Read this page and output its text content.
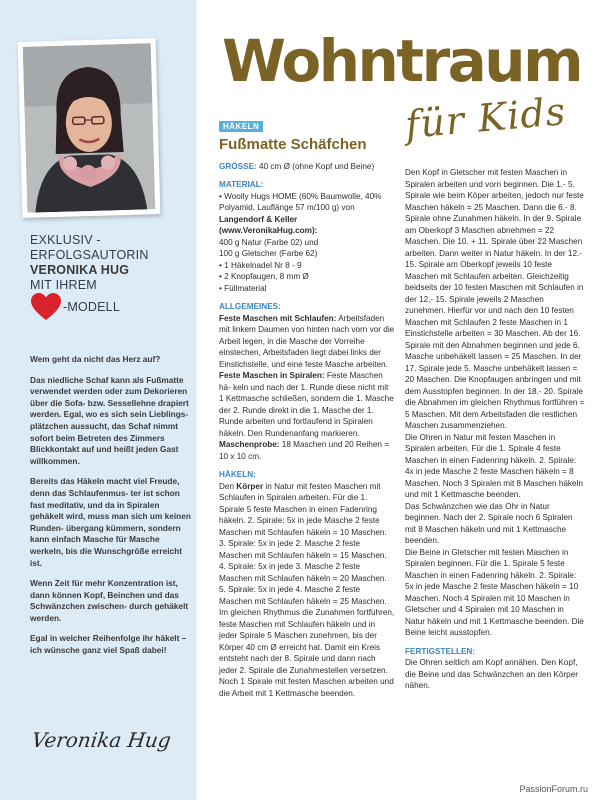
EXKLUSIV -
ERFOLGSAUTORIN
VERONIKA HUG
MIT IHREM
-MODELL

Wem geht da nicht das Herz auf?

Das niedliche Schaf kann als Fußmatte verwendet werden oder zum Dekorieren über die Sofa- bzw. Sessellehne drapiert werden. Egal, wo es sich sein Lieblings- plätzchen aussucht, das Schaf nimmt sofort beim Betreten des Zimmers Blickkontakt auf und heißt jeden Gast willkommen.

Bereits das Häkeln macht viel Freude, denn das Schlaufenmus- ter ist schon fast meditativ, und da in Spiralen gehäkelt wird, muss man sich um keinen Runden- übergang kümmern, sondern kann einfach Masche für Masche werkeln, bis die Wunschgröße erreicht ist.

Wenn Zeit für mehr Konzentration ist, dann können Kopf, Beinchen und das Schwänzchen zwischen- durch gehäkelt werden.

Egal in welcher Reihenfolge ihr häkelt – ich wünsche ganz viel Spaß dabei!

Veronika Hug
Wohntraum
für Kids
HÄKELN
Fußmatte Schäfchen
GRÖSSE: 40 cm Ø (ohne Kopf und Beine)
MATERIAL:
• Woolly Hugs HOME (60% Baumwolle, 40% Polyamid, Lauflänge 57 m/100 g) von
Langendorf & Keller
(www.VeronikaHug.com):
400 g Natur (Farbe 02) und
100 g Gletscher (Farbe 62)
• 1 Häkelnadel Nr 8 - 9
• 2 Knopfaugen, 8 mm Ø
• Füllmaterial
ALLGEMEINES:
Feste Maschen mit Schlaufen: Arbeitsfaden mit linkem Daumen von hinten nach vorn vor die Arbeit legen, in die Masche der Vorreihe einstechen, Arbeitsfaden liegt dabei links der Einstichstelle, und eine feste Masche arbeiten.
Feste Maschen in Spiralen: Feste Maschen hä- keln und nach der 1. Runde diese nicht mit 1 Kettmasche schließen, sondern die 1. Masche der 2. Runde direkt in die 1. Masche der 1. Runde arbeiten und fortlaufend in Spiralen häkeln. Den Rundenanfang markieren.
Maschenprobe: 18 Maschen und 20 Reihen = 10 x 10 cm.
HÄKELN:
Den Körper in Natur mit festen Maschen mit Schlaufen in Spiralen arbeiten. Für die 1. Spirale 5 feste Maschen in einen Fadenring häkeln. 2. Spirale: 5x in jede Masche 2 feste Maschen mit Schlaufen häkeln = 10 Maschen. 3. Spirale: 5x in jede 2. Masche 2 feste Maschen mit Schlaufen häkeln = 15 Maschen. 4. Spirale: 5x in jede 3. Masche 2 feste Maschen mit Schlaufen häkeln = 20 Maschen. 5. Spirale: 5x in jede 4. Masche 2 feste Maschen mit Schlaufen häkeln = 25 Maschen. Im gleichen Rhythmus die Zunahmen fortführen, feste Maschen mit Schlaufen häkeln und in jeder Spirale 5 Maschen zunehmen, bis der Körper 40 cm Ø erreicht hat. Damit ein Kreis entsteht nach der 8. Spirale und dann nach jeder 2. Spirale die Zunahmestellen versetzen. Noch 1 Spirale mit festen Maschen arbeiten und die Arbeit mit 1 Kettmasche beenden.
Den Kopf in Gletscher mit festen Maschen in Spiralen arbeiten und vorn beginnen. Die 1.- 5. Spirale wie beim Köper arbeiten, jedoch nur feste Maschen häkeln = 25 Maschen. Dann die 6.- 8. Spirale ohne Zunahmen häkeln. In der 9. Spirale am Oberkopf 3 Maschen abnehmen = 22 Maschen. Die 10. + 11. Spirale über 22 Maschen arbeiten. Dann weiter in Natur häkeln. In der 12.- 15. Spirale am Oberkopf jeweils 10 feste Maschen mit Schlaufen arbeiten. Gleichzeitig beidseits der 10 festen Maschen mit Schlaufen in der 12.- 15. Spirale jeweils 2 Maschen zunehmen. Hierfür vor und nach den 10 festen Maschen mit Schlaufen 2 feste Maschen in 1 Einstichstelle arbeiten = 30 Maschen. Ab der 16. Spirale mit den Abnahmen beginnen und jede 6. Masche unbehäkelt lassen = 25 Maschen. In der 17. Spirale jede 5. Masche unbehäkelt lassen = 20 Maschen. Die Knopfaugen anbringen und mit dem Ausstopfen beginnen. In der 18.- 20. Spirale die Abnahmen im gleichen Rhythmus fortführen = 5 Maschen. Mit dem Arbeitsfaden die restlichen Maschen zusammenziehen.
Die Ohren in Natur mit festen Maschen in Spiralen arbeiten. Für die 1. Spirale 4 feste Maschen in einen Fadenring häkeln. 2. Spirale: 4x in jede Masche 2 feste Maschen häkeln = 8 Maschen. Noch 3 Spiralen mit 8 Maschen häkeln und mit 1 Kettmasche beenden.
Das Schwänzchen wie das Ohr in Natur beginnen. Nach der 2. Spirale noch 6 Spiralen mit 8 Maschen häkeln und mit 1 Kettmasche beenden.
Die Beine in Gletscher mit festen Maschen in Spiralen beginnen. Für die 1. Spirale 5 feste Maschen in einen Fadenring häkeln. 2. Spirale: 5x in jede Masche 2 feste Maschen häkeln = 10 Maschen. Noch 4 Spiralen mit 10 Maschen in Gletscher und 4 Spiralen mit 10 Maschen in Natur häkeln und mit 1 Kettmasche beenden. Die Beine leicht ausstopfen.
FERTIGSTELLEN:
Die Ohren seitlich am Kopf annähen. Den Kopf, die Beine und das Schwänzchen an den Körper nähen.
PassionForum.ru
